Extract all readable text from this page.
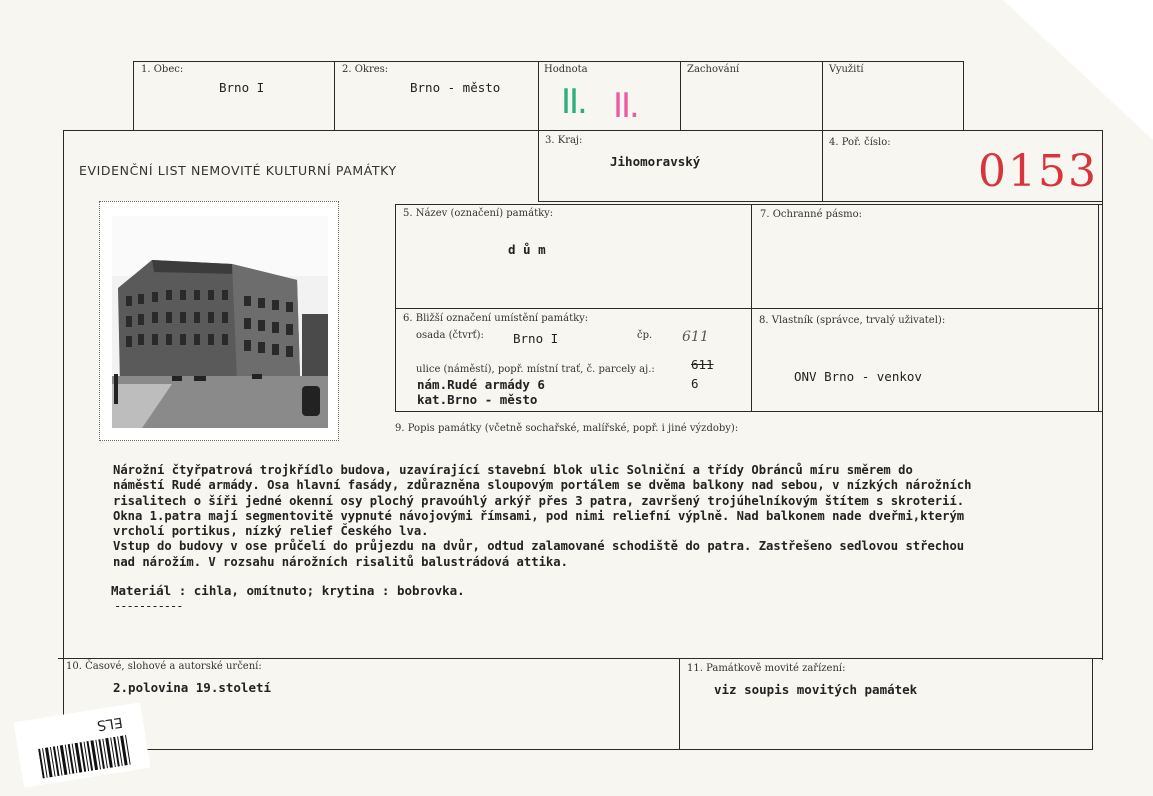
1. Obec:
Brno I
2. Okres:
Brno - město
Hodnota
II. II.
Zachování	Využití
EVIDENČNÍ LIST NEMOVITÉ KULTURNÍ PAMÁTKY
3. Kraj:
Jihomoravský
4. Poř. číslo:
0153
5. Název (označení) památky:
d ů m
7. Ochranné pásmo:
6. Bližší označení umístění památky:
osada (čtvrť): Brno I	čp. 611
ulice (náměstí), popř. místní trať, č. parcely aj.:	611
6
nám.Rudé armády 6
kat.Brno - město
8. Vlastník (správce, trvalý uživatel):
ONV Brno - venkov
9. Popis památky (včetně sochařské, malířské, popř. i jiné výzdoby):
Nárožní čtyřpatrová trojkřídlo budova, uzavírající stavební blok ulic Solniční a třídy Obránců míru směrem do
náměstí Rudé armády. Osa hlavní fasády, zdůrazněna sloupovým portálem se dvěma balkony nad sebou, v nízkých nárožních
risalitech o šíři jedné okenní osy plochý pravoúhlý arkýř přes 3 patra, završený trojúhelníkovým štítem s skroterií.
Okna 1.patra mají segmentovitě vypnuté návojovými římsami, pod nimi reliefní výplně. Nad balkonem nade dveřmi,kterým
vrcholí portikus, nízký relief Českého lva.
Vstup do budovy v ose průčelí do průjezdu na dvůr, odtud zalamované schodiště do patra. Zastřešeno sedlovou střechou
nad nárožím. V rozsahu nárožních risalitů balustrádová attika.
Materiál : cihla, omítnuto; krytina : bobrovka.
-----------
10. Časové, slohové a autorské určení:
2.polovina 19.století
11. Památkově movité zařízení:
viz soupis movitých památek
ELS
